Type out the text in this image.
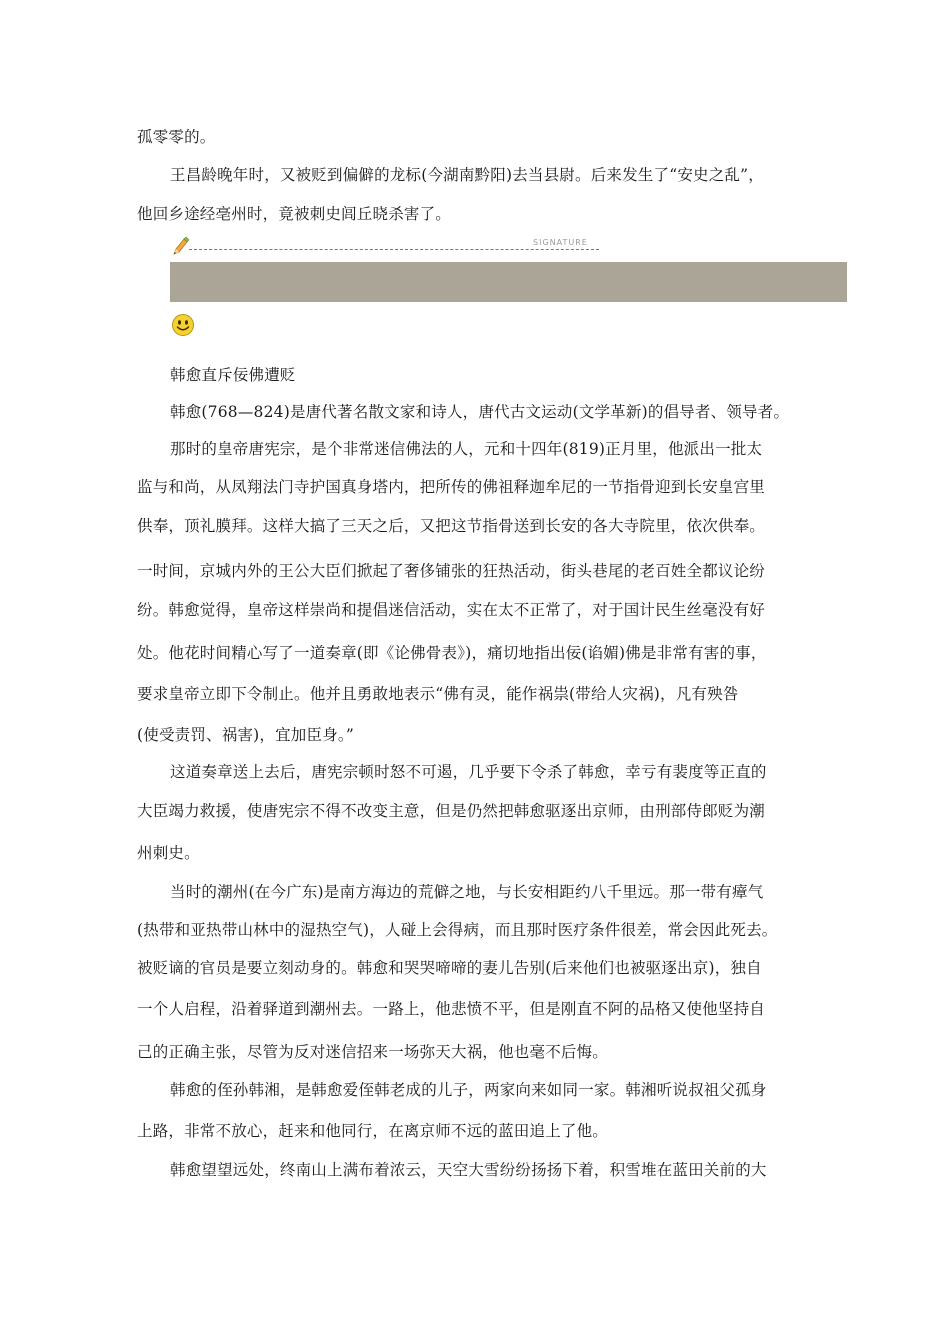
孤零零的。
王昌龄晚年时，又被贬到偏僻的龙标(今湖南黔阳)去当县尉。后来发生了“安史之乱”，
他回乡途经亳州时，竟被刺史闾丘晓杀害了。
SIGNATURE
韩愈直斥佞佛遭贬
韩愈(768—824)是唐代著名散文家和诗人，唐代古文运动(文学革新)的倡导者、领导者。
那时的皇帝唐宪宗，是个非常迷信佛法的人，元和十四年(819)正月里，他派出一批太
监与和尚，从凤翔法门寺护国真身塔内，把所传的佛祖释迦牟尼的一节指骨迎到长安皇宫里
供奉，顶礼膜拜。这样大搞了三天之后，又把这节指骨送到长安的各大寺院里，依次供奉。
一时间，京城内外的王公大臣们掀起了奢侈铺张的狂热活动，街头巷尾的老百姓全都议论纷
纷。韩愈觉得，皇帝这样崇尚和提倡迷信活动，实在太不正常了，对于国计民生丝毫没有好
处。他花时间精心写了一道奏章(即《论佛骨表》)，痛切地指出佞(谄媚)佛是非常有害的事，
要求皇帝立即下令制止。他并且勇敢地表示“佛有灵，能作祸祟(带给人灾祸)，凡有殃咎
(使受责罚、祸害)，宜加臣身。”
这道奏章送上去后，唐宪宗顿时怒不可遏，几乎要下令杀了韩愈，幸亏有裴度等正直的
大臣竭力救援，使唐宪宗不得不改变主意，但是仍然把韩愈驱逐出京师，由刑部侍郎贬为潮
州刺史。
当时的潮州(在今广东)是南方海边的荒僻之地，与长安相距约八千里远。那一带有瘴气
(热带和亚热带山林中的湿热空气)，人碰上会得病，而且那时医疗条件很差，常会因此死去。
被贬谪的官员是要立刻动身的。韩愈和哭哭啼啼的妻儿告别(后来他们也被驱逐出京)，独自
一个人启程，沿着驿道到潮州去。一路上，他悲愤不平，但是刚直不阿的品格又使他坚持自
己的正确主张，尽管为反对迷信招来一场弥天大祸，他也毫不后悔。
韩愈的侄孙韩湘，是韩愈爱侄韩老成的儿子，两家向来如同一家。韩湘听说叔祖父孤身
上路，非常不放心，赶来和他同行，在离京师不远的蓝田追上了他。
韩愈望望远处，终南山上满布着浓云，天空大雪纷纷扬扬下着，积雪堆在蓝田关前的大
